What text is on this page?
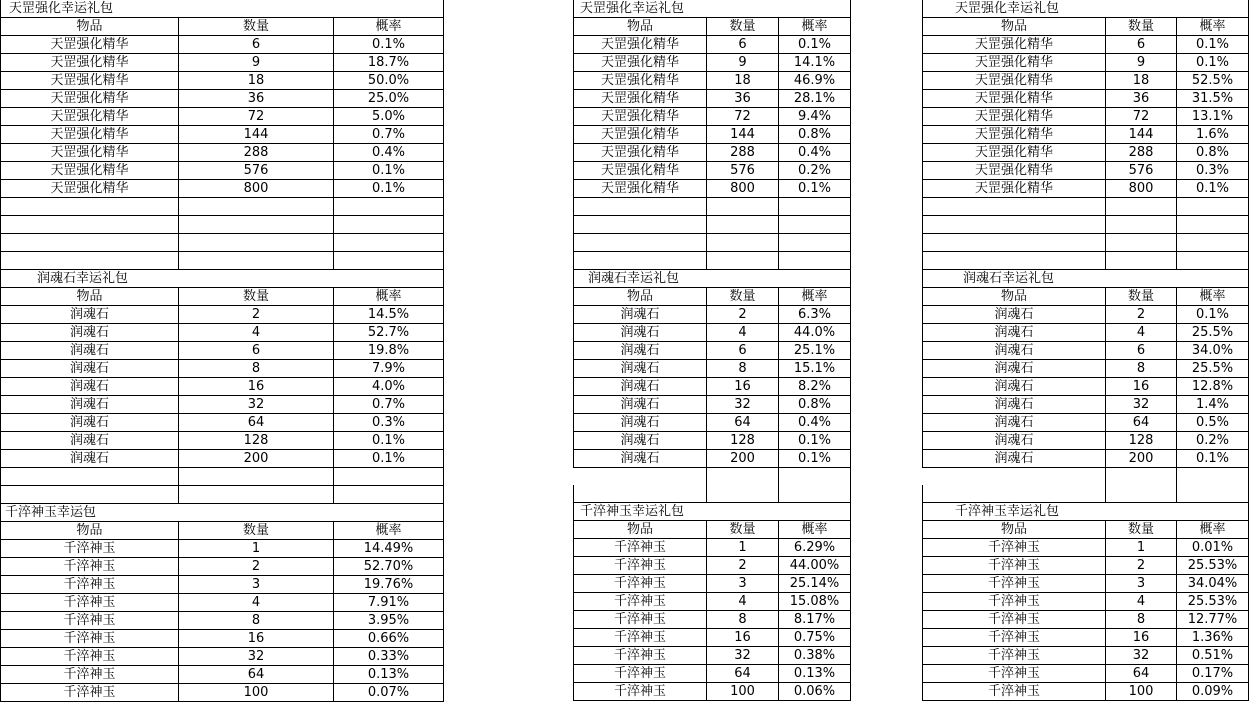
天罡强化幸运礼包		
物品	数量	概率
天罡强化精华	6	0.1%
天罡强化精华	9	18.7%
天罡强化精华	18	50.0%
天罡强化精华	36	25.0%
天罡强化精华	72	5.0%
天罡强化精华	144	0.7%
天罡强化精华	288	0.4%
天罡强化精华	576	0.1%
天罡强化精华	800	0.1%

润魂石幸运礼包		
物品	数量	概率
润魂石	2	14.5%
润魂石	4	52.7%
润魂石	6	19.8%
润魂石	8	7.9%
润魂石	16	4.0%
润魂石	32	0.7%
润魂石	64	0.3%
润魂石	128	0.1%
润魂石	200	0.1%

千淬神玉幸运包		
物品	数量	概率
千淬神玉	1	14.49%
千淬神玉	2	52.70%
千淬神玉	3	19.76%
千淬神玉	4	7.91%
千淬神玉	8	3.95%
千淬神玉	16	0.66%
千淬神玉	32	0.33%
千淬神玉	64	0.13%
千淬神玉	100	0.07%
天罡强化幸运礼包		
物品	数量	概率
天罡强化精华	6	0.1%
天罡强化精华	9	14.1%
天罡强化精华	18	46.9%
天罡强化精华	36	28.1%
天罡强化精华	72	9.4%
天罡强化精华	144	0.8%
天罡强化精华	288	0.4%
天罡强化精华	576	0.2%
天罡强化精华	800	0.1%

润魂石幸运礼包		
物品	数量	概率
润魂石	2	6.3%
润魂石	4	44.0%
润魂石	6	25.1%
润魂石	8	15.1%
润魂石	16	8.2%
润魂石	32	0.8%
润魂石	64	0.4%
润魂石	128	0.1%
润魂石	200	0.1%

千淬神玉幸运礼包		
物品	数量	概率
千淬神玉	1	6.29%
千淬神玉	2	44.00%
千淬神玉	3	25.14%
千淬神玉	4	15.08%
千淬神玉	8	8.17%
千淬神玉	16	0.75%
千淬神玉	32	0.38%
千淬神玉	64	0.13%
千淬神玉	100	0.06%
天罡强化幸运礼包		
物品	数量	概率
天罡强化精华	6	0.1%
天罡强化精华	9	0.1%
天罡强化精华	18	52.5%
天罡强化精华	36	31.5%
天罡强化精华	72	13.1%
天罡强化精华	144	1.6%
天罡强化精华	288	0.8%
天罡强化精华	576	0.3%
天罡强化精华	800	0.1%

润魂石幸运礼包		
物品	数量	概率
润魂石	2	0.1%
润魂石	4	25.5%
润魂石	6	34.0%
润魂石	8	25.5%
润魂石	16	12.8%
润魂石	32	1.4%
润魂石	64	0.5%
润魂石	128	0.2%
润魂石	200	0.1%

千淬神玉幸运礼包		
物品	数量	概率
千淬神玉	1	0.01%
千淬神玉	2	25.53%
千淬神玉	3	34.04%
千淬神玉	4	25.53%
千淬神玉	8	12.77%
千淬神玉	16	1.36%
千淬神玉	32	0.51%
千淬神玉	64	0.17%
千淬神玉	100	0.09%
